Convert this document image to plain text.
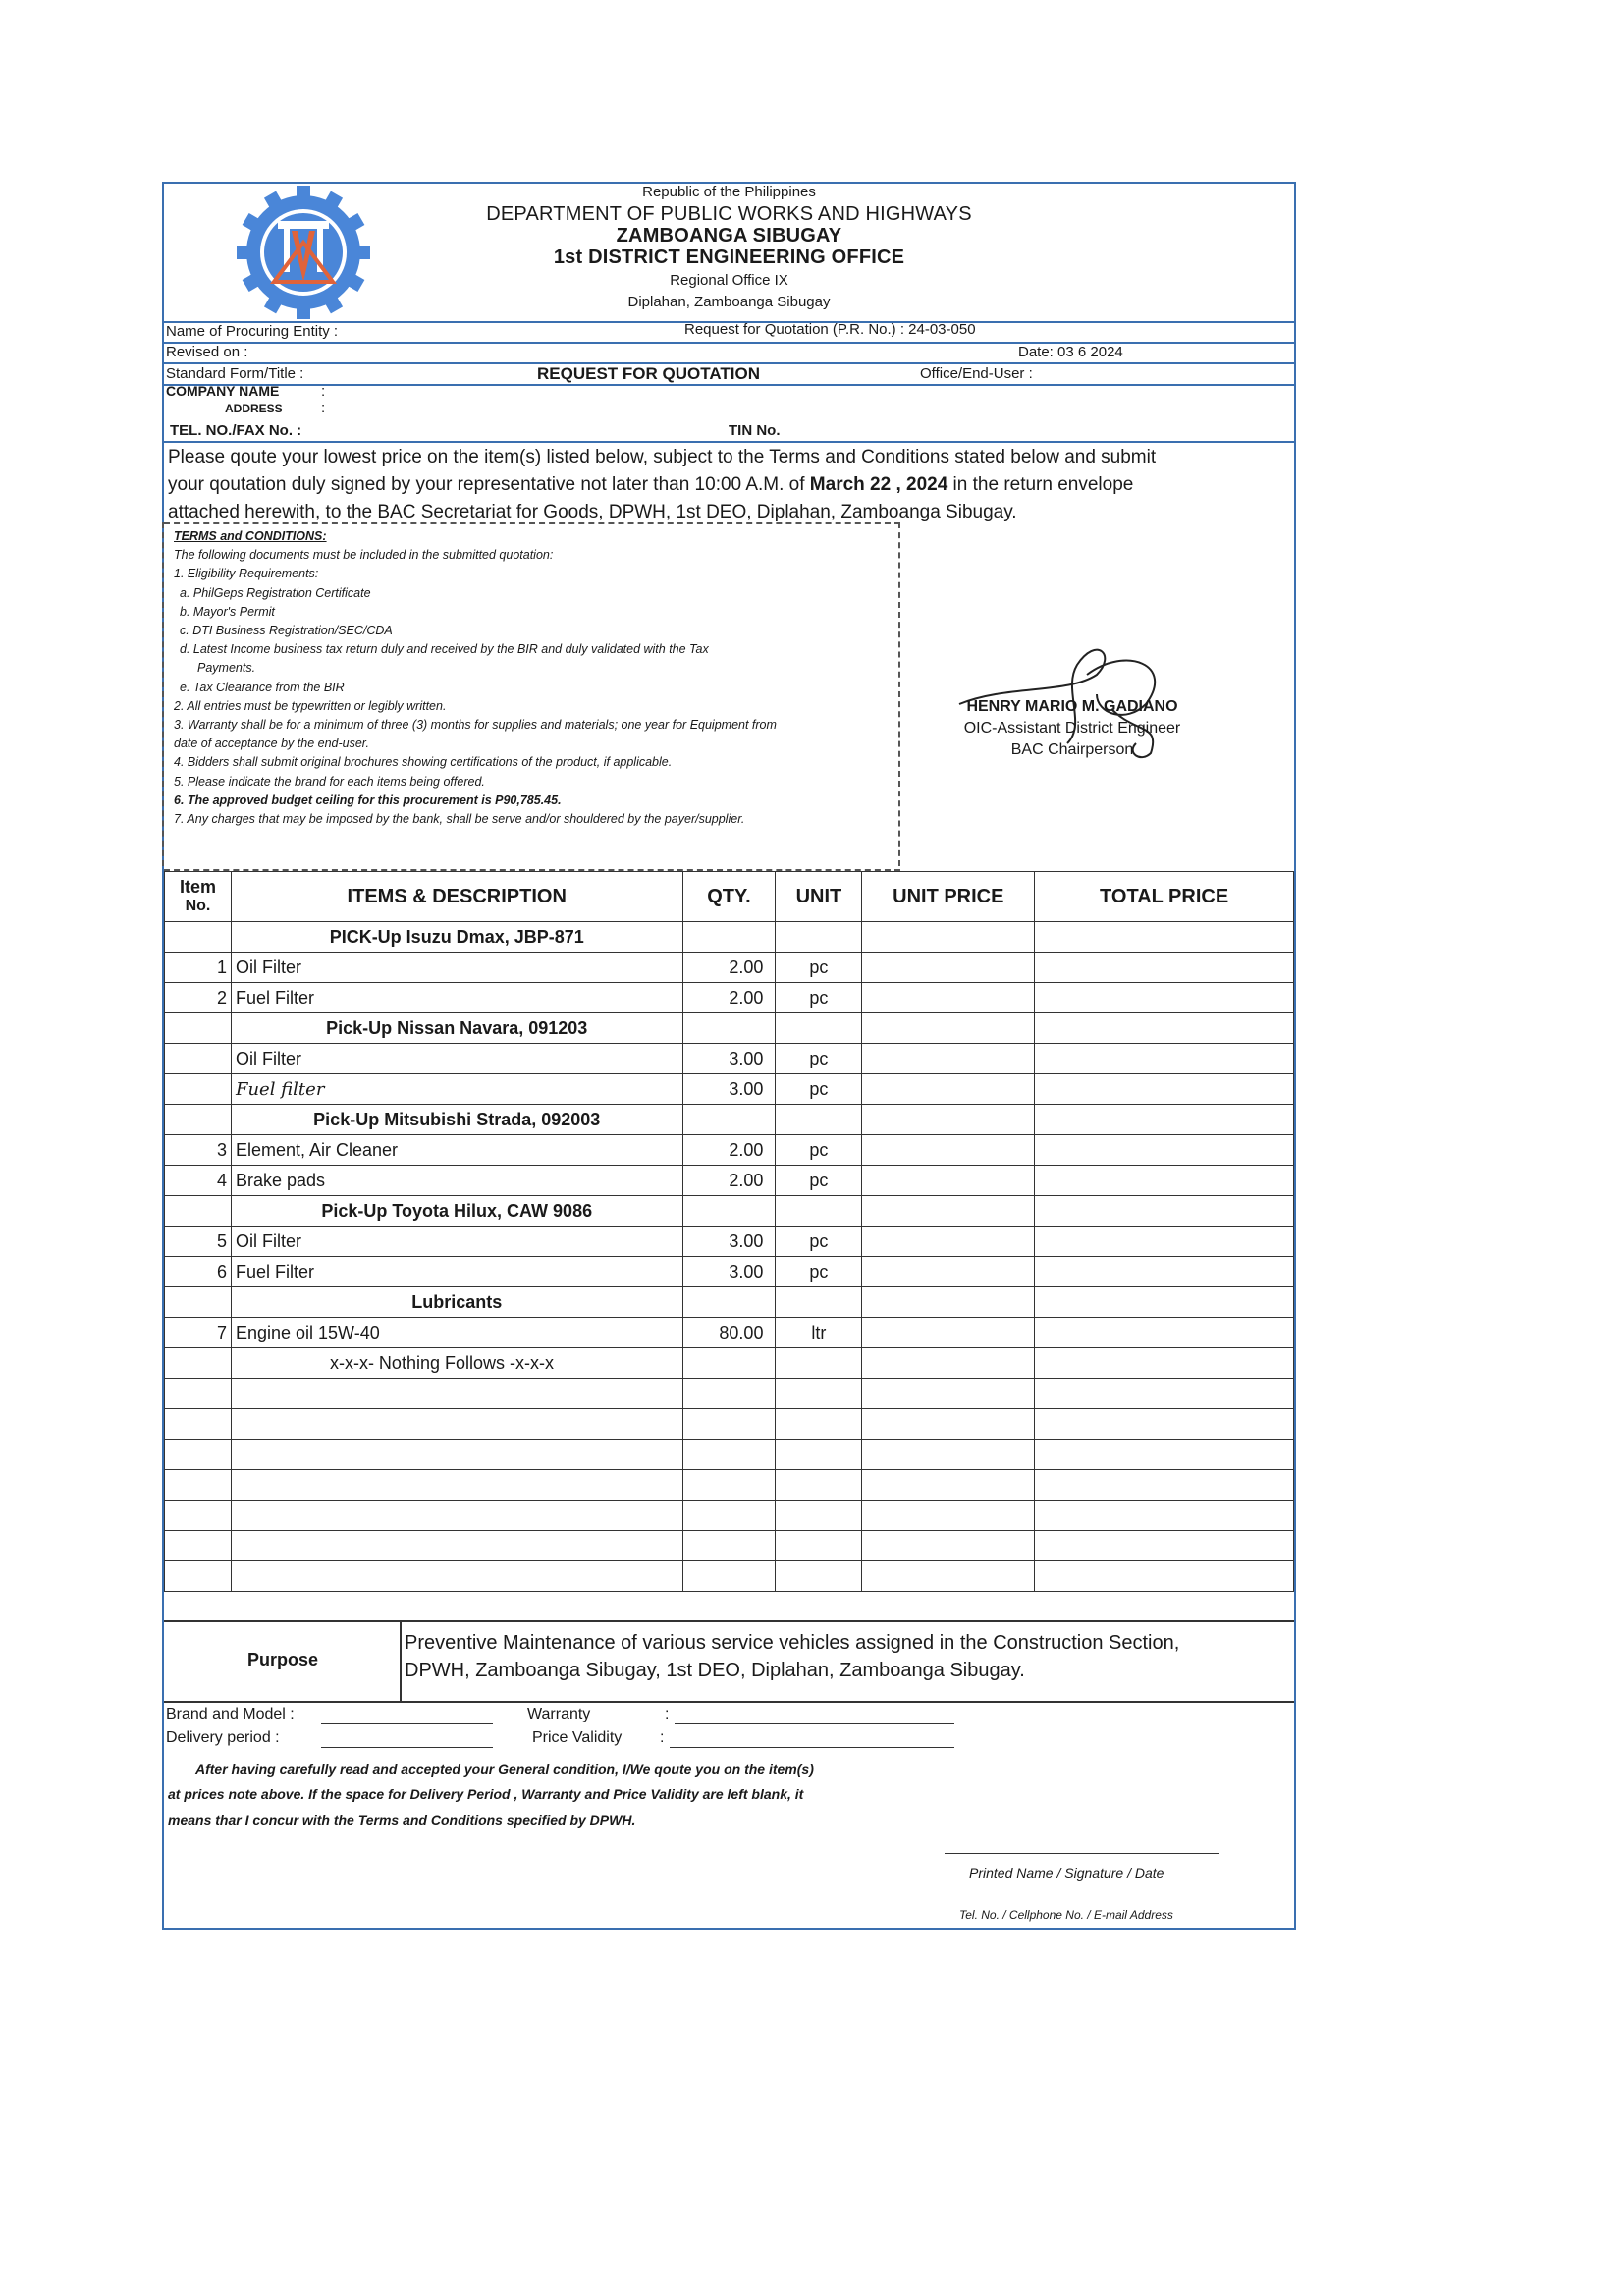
Republic of the Philippines
DEPARTMENT OF PUBLIC WORKS AND HIGHWAYS
ZAMBOANGA SIBUGAY
1st DISTRICT ENGINEERING OFFICE
Regional Office IX
Diplahan, Zamboanga Sibugay
Name of Procuring Entity :	Request for Quotation (P.R. No.) : 24-03-050
Revised on :	Date: 03 6 2024
Standard Form/Title :	REQUEST FOR QUOTATION	Office/End-User :
COMPANY NAME	:
ADDRESS	:
TEL. NO./FAX No. :	TIN No.
Please qoute your lowest price on the item(s) listed below, subject to the Terms and Conditions stated below and submit
your qoutation duly signed by your representative not later than 10:00 A.M. of March 22 , 2024 in the return envelope
attached herewith, to the BAC Secretariat for Goods, DPWH, 1st DEO, Diplahan, Zamboanga Sibugay.
TERMS and CONDITIONS:
The following documents must be included in the submitted quotation:
1. Eligibility Requirements:
a. PhilGeps Registration Certificate
b. Mayor's Permit
c. DTI Business Registration/SEC/CDA
d. Latest Income business tax return duly and received by the BIR and duly validated with the Tax
Payments.
e. Tax Clearance from the BIR
2. All entries must be typewritten or legibly written.
3. Warranty shall be for a minimum of three (3) months for supplies and materials; one year for Equipment from
date of acceptance by the end-user.
4. Bidders shall submit original brochures showing certifications of the product, if applicable.
5. Please indicate the brand for each items being offered.
6. The approved budget ceiling for this procurement is P90,785.45.
7. Any charges that may be imposed by the bank, shall be serve and/or shouldered by the payer/supplier.
HENRY MARIO M. GADIANO
OIC-Assistant District Engineer
BAC Chairperson
Item
No.	ITEMS & DESCRIPTION	QTY.	UNIT	UNIT PRICE	TOTAL PRICE
	PICK-Up Isuzu Dmax, JBP-871				
1	Oil Filter	2.00	pc		
2	Fuel Filter	2.00	pc		
	Pick-Up Nissan Navara, 091203				
	Oil Filter	3.00	pc		
	Fuel filter	3.00	pc		
	Pick-Up Mitsubishi Strada, 092003				
3	Element, Air Cleaner	2.00	pc		
4	Brake pads	2.00	pc		
	Pick-Up Toyota Hilux, CAW 9086				
5	Oil Filter	3.00	pc		
6	Fuel Filter	3.00	pc		
	Lubricants				
7	Engine oil 15W-40	80.00	ltr		
	x-x-x- Nothing Follows -x-x-x				

Purpose
Preventive Maintenance of various service vehicles assigned in the Construction Section,
DPWH, Zamboanga Sibugay, 1st DEO, Diplahan, Zamboanga Sibugay.
Brand and Model :	Warranty	:
Delivery period :	Price Validity :
After having carefully read and accepted your General condition, I/We qoute you on the item(s)
at prices note above. If the space for Delivery Period , Warranty and Price Validity are left blank, it
means thar I concur with the Terms and Conditions specified by DPWH.
Printed Name / Signature / Date
Tel. No. / Cellphone No. / E-mail Address
